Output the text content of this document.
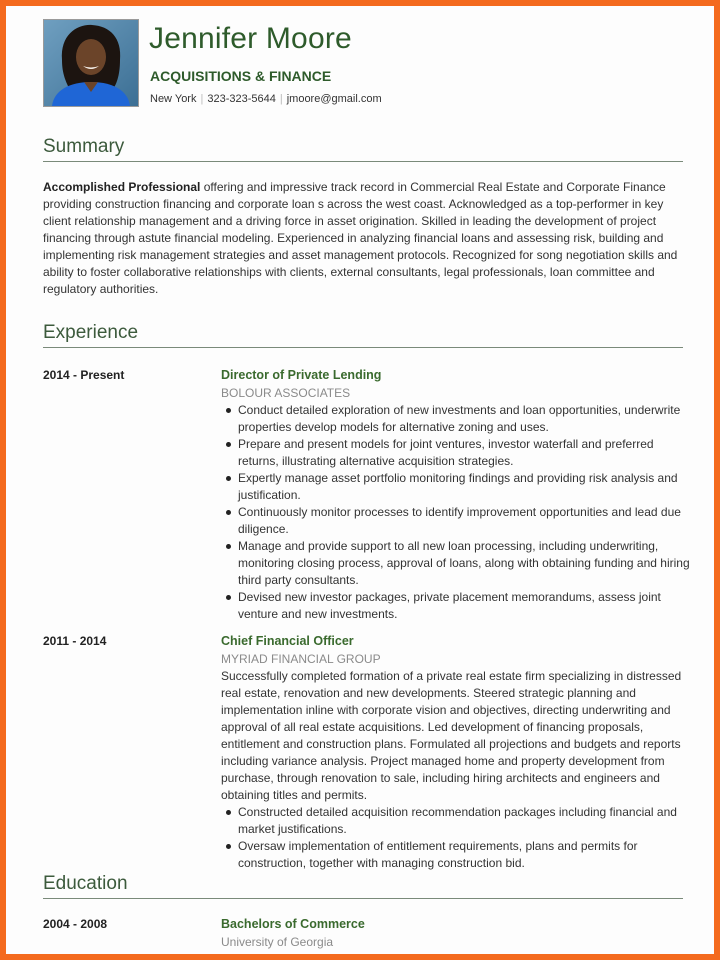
Jennifer Moore
ACQUISITIONS & FINANCE
New York | 323-323-5644 | jmoore@gmail.com
Summary
Accomplished Professional offering and impressive track record in Commercial Real Estate and Corporate Finance providing construction financing and corporate loan s across the west coast. Acknowledged as a top-performer in key client relationship management and a driving force in asset origination. Skilled in leading the development of project financing through astute financial modeling. Experienced in analyzing financial loans and assessing risk, building and implementing risk management strategies and asset management protocols. Recognized for song negotiation skills and ability to foster collaborative relationships with clients, external consultants, legal professionals, loan committee and regulatory authorities.
Experience
2014 - Present	Director of Private Lending
BOLOUR ASSOCIATES
Conduct detailed exploration of new investments and loan opportunities, underwrite properties develop models for alternative zoning and uses.
Prepare and present models for joint ventures, investor waterfall and preferred returns, illustrating alternative acquisition strategies.
Expertly manage asset portfolio monitoring findings and providing risk analysis and justification.
Continuously monitor processes to identify improvement opportunities and lead due diligence.
Manage and provide support to all new loan processing, including underwriting, monitoring closing process, approval of loans, along with obtaining funding and hiring third party consultants.
Devised new investor packages, private placement memorandums, assess joint venture and new investments.
2011 - 2014	Chief Financial Officer
MYRIAD FINANCIAL GROUP
Successfully completed formation of a private real estate firm specializing in distressed real estate, renovation and new developments. Steered strategic planning and implementation inline with corporate vision and objectives, directing underwriting and approval of all real estate acquisitions. Led development of financing proposals, entitlement and construction plans. Formulated all projections and budgets and reports including variance analysis. Project managed home and property development from purchase, through renovation to sale, including hiring architects and engineers and obtaining titles and permits.
Constructed detailed acquisition recommendation packages including financial and market justifications.
Oversaw implementation of entitlement requirements, plans and permits for construction, together with managing construction bid.
Education
2004 - 2008	Bachelors of Commerce
University of Georgia
